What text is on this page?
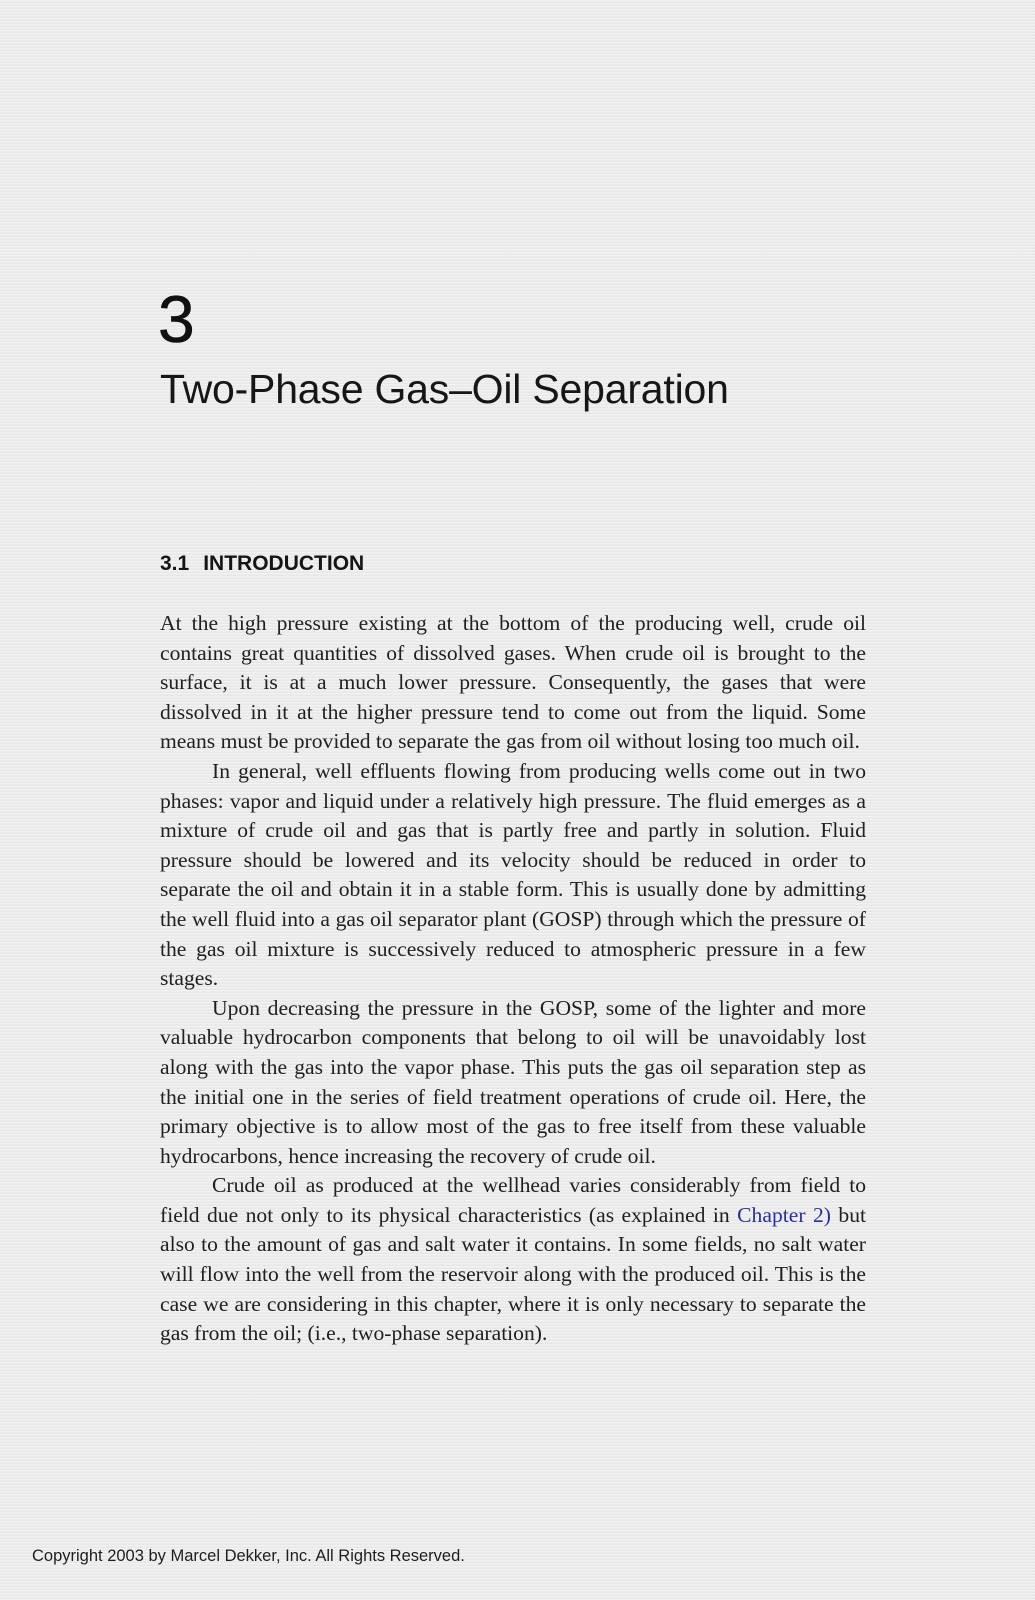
3
Two-Phase Gas–Oil Separation
3.1 INTRODUCTION

At the high pressure existing at the bottom of the producing well, crude oil contains great quantities of dissolved gases. When crude oil is brought to the surface, it is at a much lower pressure. Consequently, the gases that were dissolved in it at the higher pressure tend to come out from the liquid. Some means must be provided to separate the gas from oil without losing too much oil.

In general, well effluents flowing from producing wells come out in two phases: vapor and liquid under a relatively high pressure. The fluid emerges as a mixture of crude oil and gas that is partly free and partly in solution. Fluid pressure should be lowered and its velocity should be reduced in order to separate the oil and obtain it in a stable form. This is usually done by admitting the well fluid into a gas oil separator plant (GOSP) through which the pressure of the gas oil mixture is successively reduced to atmospheric pressure in a few stages.

Upon decreasing the pressure in the GOSP, some of the lighter and more valuable hydrocarbon components that belong to oil will be unavoidably lost along with the gas into the vapor phase. This puts the gas oil separation step as the initial one in the series of field treatment operations of crude oil. Here, the primary objective is to allow most of the gas to free itself from these valuable hydrocarbons, hence increasing the recovery of crude oil.

Crude oil as produced at the wellhead varies considerably from field to field due not only to its physical characteristics (as explained in Chapter 2) but also to the amount of gas and salt water it contains. In some fields, no salt water will flow into the well from the reservoir along with the produced oil. This is the case we are considering in this chapter, where it is only necessary to separate the gas from the oil; (i.e., two-phase separation).

Copyright 2003 by Marcel Dekker, Inc. All Rights Reserved.
